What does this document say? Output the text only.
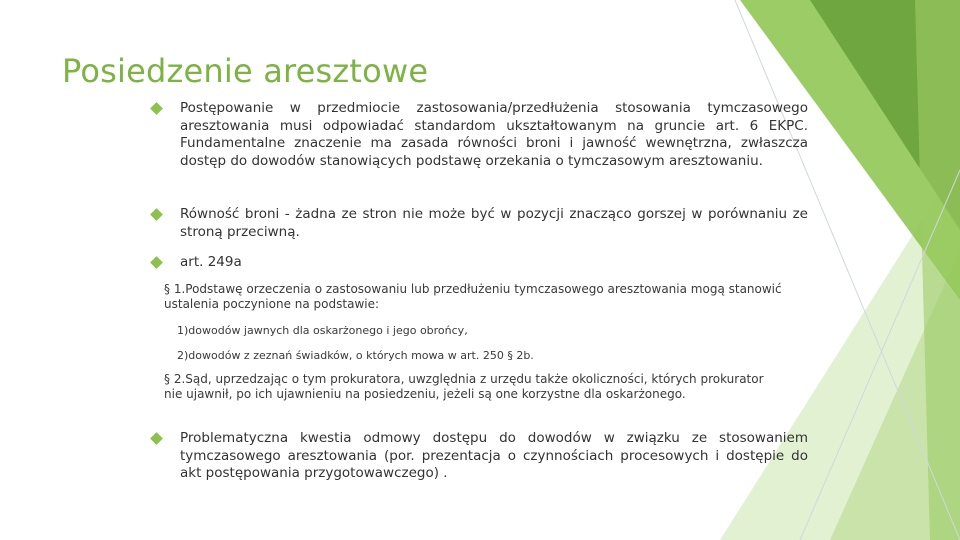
Posiedzenie aresztowe
Postępowanie w przedmiocie zastosowania/przedłużenia stosowania tymczasowego aresztowania musi odpowiadać standardom ukształtowanym na gruncie art. 6 EKPC. Fundamentalne znaczenie ma zasada równości broni i jawność wewnętrzna, zwłaszcza dostęp do dowodów stanowiących podstawę orzekania o tymczasowym aresztowaniu.
Równość broni - żadna ze stron nie może być w pozycji znacząco gorszej w porównaniu ze stroną przeciwną.
art. 249a
§ 1.Podstawę orzeczenia o zastosowaniu lub przedłużeniu tymczasowego aresztowania mogą stanowić ustalenia poczynione na podstawie:
1)dowodów jawnych dla oskarżonego i jego obrońcy,
2)dowodów z zeznań świadków, o których mowa w art. 250 § 2b.
§ 2.Sąd, uprzedzając o tym prokuratora, uwzględnia z urzędu także okoliczności, których prokurator nie ujawnił, po ich ujawnieniu na posiedzeniu, jeżeli są one korzystne dla oskarżonego.
Problematyczna kwestia odmowy dostępu do dowodów w związku ze stosowaniem tymczasowego aresztowania (por. prezentacja o czynnościach procesowych i dostępie do akt postępowania przygotowawczego) .
